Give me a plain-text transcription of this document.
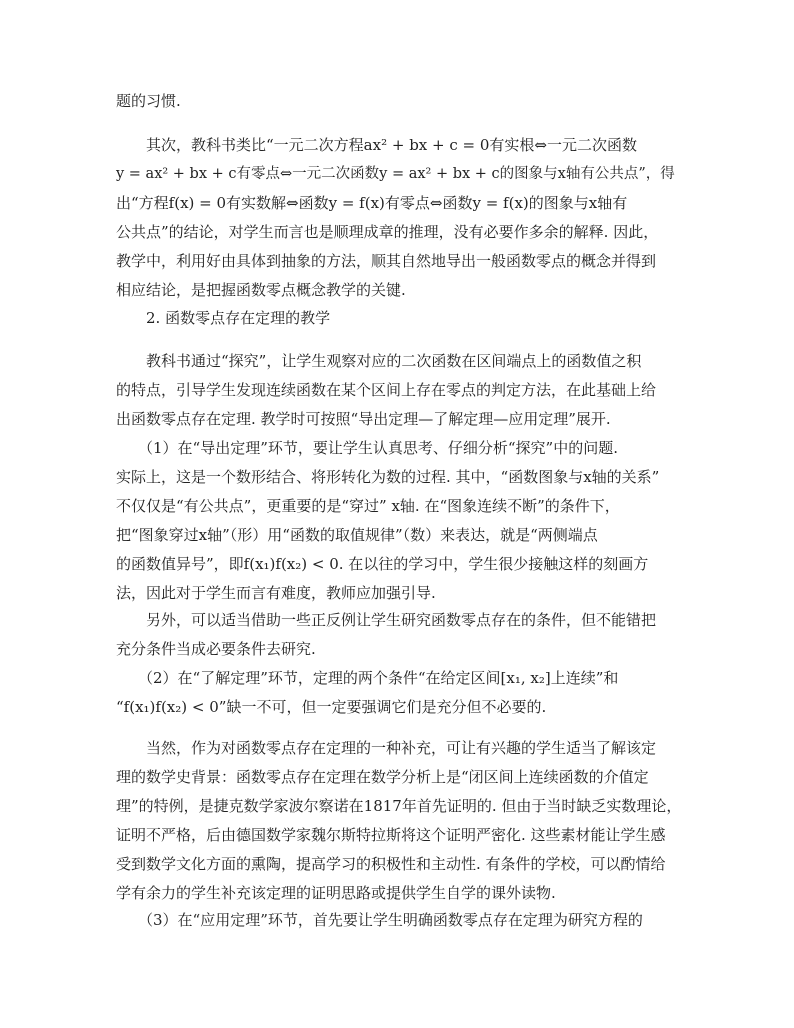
题的习惯.

其次，教科书类比“一元二次方程ax² + bx + c = 0有实根⇔一元二次函数
y = ax² + bx + c有零点⇔一元二次函数y = ax² + bx + c的图象与x轴有公共点”，得
出“方程f(x) = 0有实数解⇔函数y = f(x)有零点⇔函数y = f(x)的图象与x轴有
公共点”的结论，对学生而言也是顺理成章的推理，没有必要作多余的解释. 因此，
教学中，利用好由具体到抽象的方法，顺其自然地导出一般函数零点的概念并得到
相应结论，是把握函数零点概念教学的关键.

2. 函数零点存在定理的教学

教科书通过“探究”，让学生观察对应的二次函数在区间端点上的函数值之积
的特点，引导学生发现连续函数在某个区间上存在零点的判定方法，在此基础上给
出函数零点存在定理. 教学时可按照“导出定理—了解定理—应用定理”展开.

（1）在“导出定理”环节，要让学生认真思考、仔细分析“探究”中的问题.
实际上，这是一个数形结合、将形转化为数的过程. 其中，“函数图象与x轴的关系”
不仅仅是“有公共点”，更重要的是“穿过” x轴. 在“图象连续不断”的条件下，
把“图象穿过x轴”（形）用“函数的取值规律”（数）来表达，就是“两侧端点
的函数值异号”，即f(x₁)f(x₂) < 0. 在以往的学习中，学生很少接触这样的刻画方
法，因此对于学生而言有难度，教师应加强引导.

另外，可以适当借助一些正反例让学生研究函数零点存在的条件，但不能错把
充分条件当成必要条件去研究.

（2）在“了解定理”环节，定理的两个条件“在给定区间[x₁, x₂]上连续”和
“f(x₁)f(x₂) < 0”缺一不可，但一定要强调它们是充分但不必要的.

当然，作为对函数零点存在定理的一种补充，可让有兴趣的学生适当了解该定
理的数学史背景：函数零点存在定理在数学分析上是“闭区间上连续函数的介值定
理”的特例，是捷克数学家波尔察诺在1817年首先证明的. 但由于当时缺乏实数理论，
证明不严格，后由德国数学家魏尔斯特拉斯将这个证明严密化. 这些素材能让学生感
受到数学文化方面的熏陶，提高学习的积极性和主动性. 有条件的学校，可以酌情给
学有余力的学生补充该定理的证明思路或提供学生自学的课外读物.

（3）在“应用定理”环节，首先要让学生明确函数零点存在定理为研究方程的
